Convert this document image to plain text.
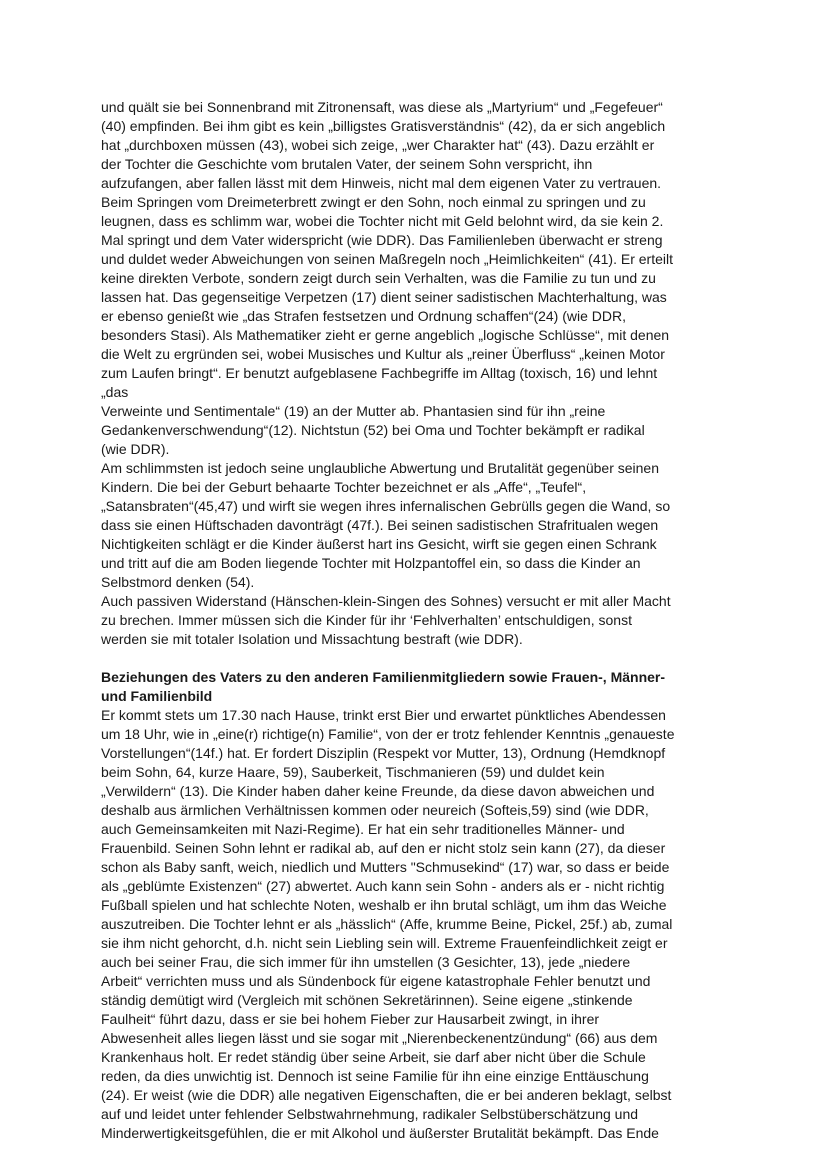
und quält sie bei Sonnenbrand mit Zitronensaft, was diese als „Martyrium“ und „Fegefeuer“
(40) empfinden. Bei ihm gibt es kein „billigstes Gratisverständnis“ (42), da er sich angeblich
hat „durchboxen müssen (43), wobei sich zeige, „wer Charakter hat“ (43). Dazu erzählt er
der Tochter die Geschichte vom brutalen Vater, der seinem Sohn verspricht, ihn
aufzufangen, aber fallen lässt mit dem Hinweis, nicht mal dem eigenen Vater zu vertrauen.
Beim Springen vom Dreimeterbrett zwingt er den Sohn, noch einmal zu springen und zu
leugnen, dass es schlimm war, wobei die Tochter nicht mit Geld belohnt wird, da sie kein 2.
Mal springt und dem Vater widerspricht (wie DDR). Das Familienleben überwacht er streng
und duldet weder Abweichungen von seinen Maßregeln noch „Heimlichkeiten“ (41). Er erteilt
keine direkten Verbote, sondern zeigt durch sein Verhalten, was die Familie zu tun und zu
lassen hat. Das gegenseitige Verpetzen (17) dient seiner sadistischen Machterhaltung, was
er ebenso genießt wie „das Strafen festsetzen und Ordnung schaffen“(24) (wie DDR,
besonders Stasi). Als Mathematiker zieht er gerne angeblich „logische Schlüsse“, mit denen
die Welt zu ergründen sei, wobei Musisches und Kultur als „reiner Überfluss“ „keinen Motor
zum Laufen bringt“. Er benutzt aufgeblasene Fachbegriffe im Alltag (toxisch, 16) und lehnt
„das
Verweinte und Sentimentale“ (19) an der Mutter ab. Phantasien sind für ihn „reine
Gedankenverschwendung“(12). Nichtstun (52) bei Oma und Tochter bekämpft er radikal
(wie DDR).
Am schlimmsten ist jedoch seine unglaubliche Abwertung und Brutalität gegenüber seinen
Kindern. Die bei der Geburt behaarte Tochter bezeichnet er als „Affe“, „Teufel“,
„Satansbraten“(45,47) und wirft sie wegen ihres infernalischen Gebrülls gegen die Wand, so
dass sie einen Hüftschaden davonträgt (47f.). Bei seinen sadistischen Strafritualen wegen
Nichtigkeiten schlägt er die Kinder äußerst hart ins Gesicht, wirft sie gegen einen Schrank
und tritt auf die am Boden liegende Tochter mit Holzpantoffel ein, so dass die Kinder an
Selbstmord denken (54).
Auch passiven Widerstand (Hänschen-klein-Singen des Sohnes) versucht er mit aller Macht
zu brechen. Immer müssen sich die Kinder für ihr ‘Fehlverhalten’ entschuldigen, sonst
werden sie mit totaler Isolation und Missachtung bestraft (wie DDR).
Beziehungen des Vaters zu den anderen Familienmitgliedern sowie Frauen-, Männer-
und Familienbild
Er kommt stets um 17.30 nach Hause, trinkt erst Bier und erwartet pünktliches Abendessen
um 18 Uhr, wie in „eine(r) richtige(n) Familie“, von der er trotz fehlender Kenntnis „genaueste
Vorstellungen“(14f.) hat. Er fordert Disziplin (Respekt vor Mutter, 13), Ordnung (Hemdknopf
beim Sohn, 64, kurze Haare, 59), Sauberkeit, Tischmanieren (59) und duldet kein
„Verwildern“ (13). Die Kinder haben daher keine Freunde, da diese davon abweichen und
deshalb aus ärmlichen Verhältnissen kommen oder neureich (Softeis,59) sind (wie DDR,
auch Gemeinsamkeiten mit Nazi-Regime). Er hat ein sehr traditionelles Männer- und
Frauenbild. Seinen Sohn lehnt er radikal ab, auf den er nicht stolz sein kann (27), da dieser
schon als Baby sanft, weich, niedlich und Mutters "Schmusekind“ (17) war, so dass er beide
als „geblümte Existenzen“ (27) abwertet. Auch kann sein Sohn - anders als er - nicht richtig
Fußball spielen und hat schlechte Noten, weshalb er ihn brutal schlägt, um ihm das Weiche
auszutreiben. Die Tochter lehnt er als „hässlich“ (Affe, krumme Beine, Pickel, 25f.) ab, zumal
sie ihm nicht gehorcht, d.h. nicht sein Liebling sein will. Extreme Frauenfeindlichkeit zeigt er
auch bei seiner Frau, die sich immer für ihn umstellen (3 Gesichter, 13), jede „niedere
Arbeit“ verrichten muss und als Sündenbock für eigene katastrophale Fehler benutzt und
ständig demütigt wird (Vergleich mit schönen Sekretärinnen). Seine eigene „stinkende
Faulheit“ führt dazu, dass er sie bei hohem Fieber zur Hausarbeit zwingt, in ihrer
Abwesenheit alles liegen lässt und sie sogar mit „Nierenbeckenentzündung“ (66) aus dem
Krankenhaus holt. Er redet ständig über seine Arbeit, sie darf aber nicht über die Schule
reden, da dies unwichtig ist. Dennoch ist seine Familie für ihn eine einzige Enttäuschung
(24). Er weist (wie die DDR) alle negativen Eigenschaften, die er bei anderen beklagt, selbst
auf und leidet unter fehlender Selbstwahrnehmung, radikaler Selbstüberschätzung und
Minderwertigkeitsgefühlen, die er mit Alkohol und äußerster Brutalität bekämpft. Das Ende
